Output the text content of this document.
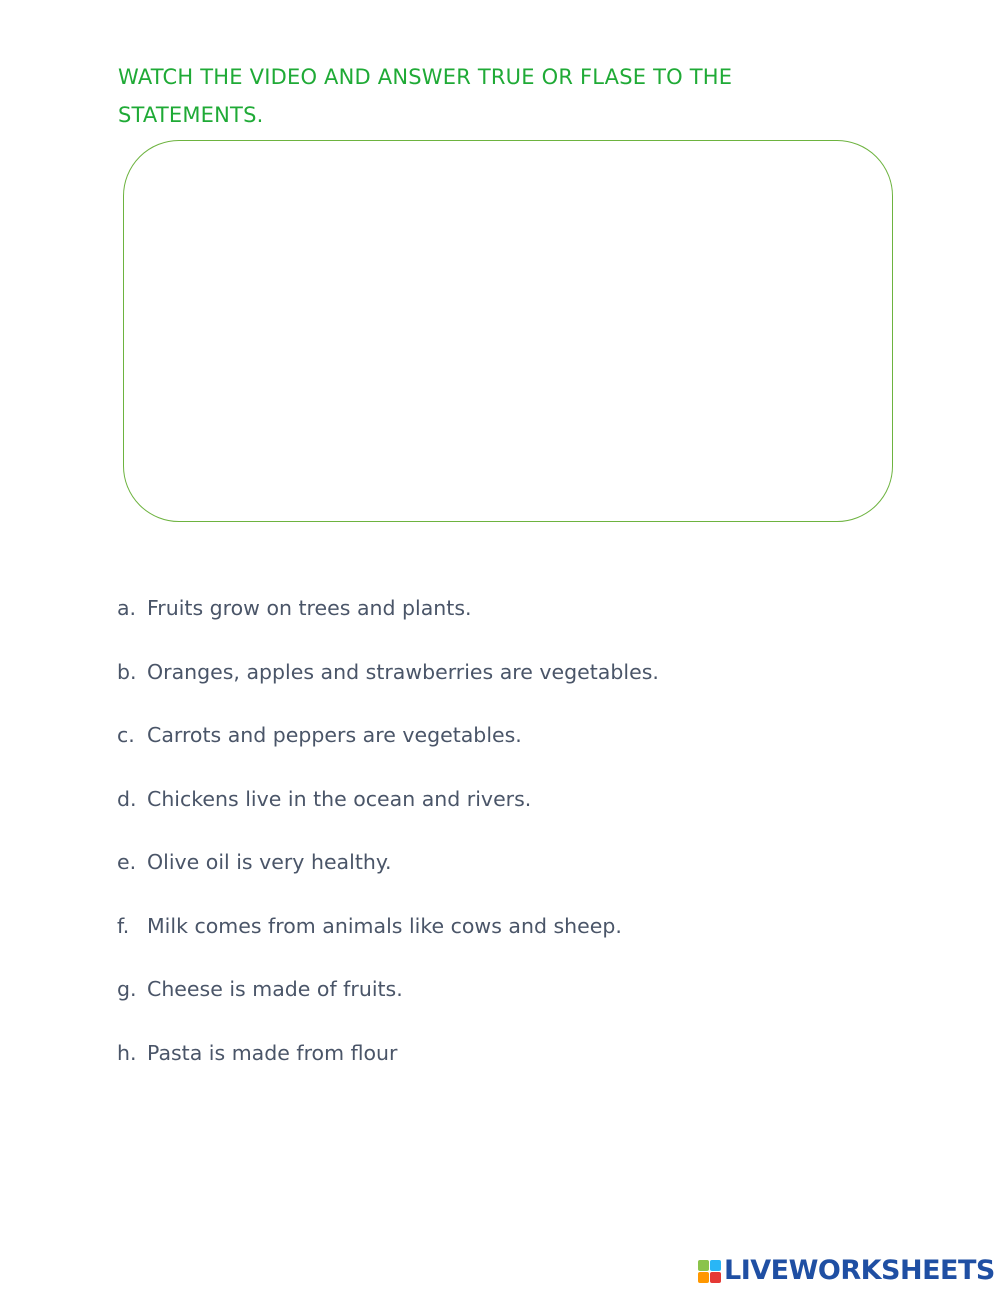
WATCH THE VIDEO AND ANSWER TRUE OR FLASE TO THE STATEMENTS.

a. Fruits grow on trees and plants.
b. Oranges, apples and strawberries are vegetables.
c. Carrots and peppers are vegetables.
d. Chickens live in the ocean and rivers.
e. Olive oil is very healthy.
f. Milk comes from animals like cows and sheep.
g. Cheese is made of fruits.
h. Pasta is made from flour
LIVEWORKSHEETS
